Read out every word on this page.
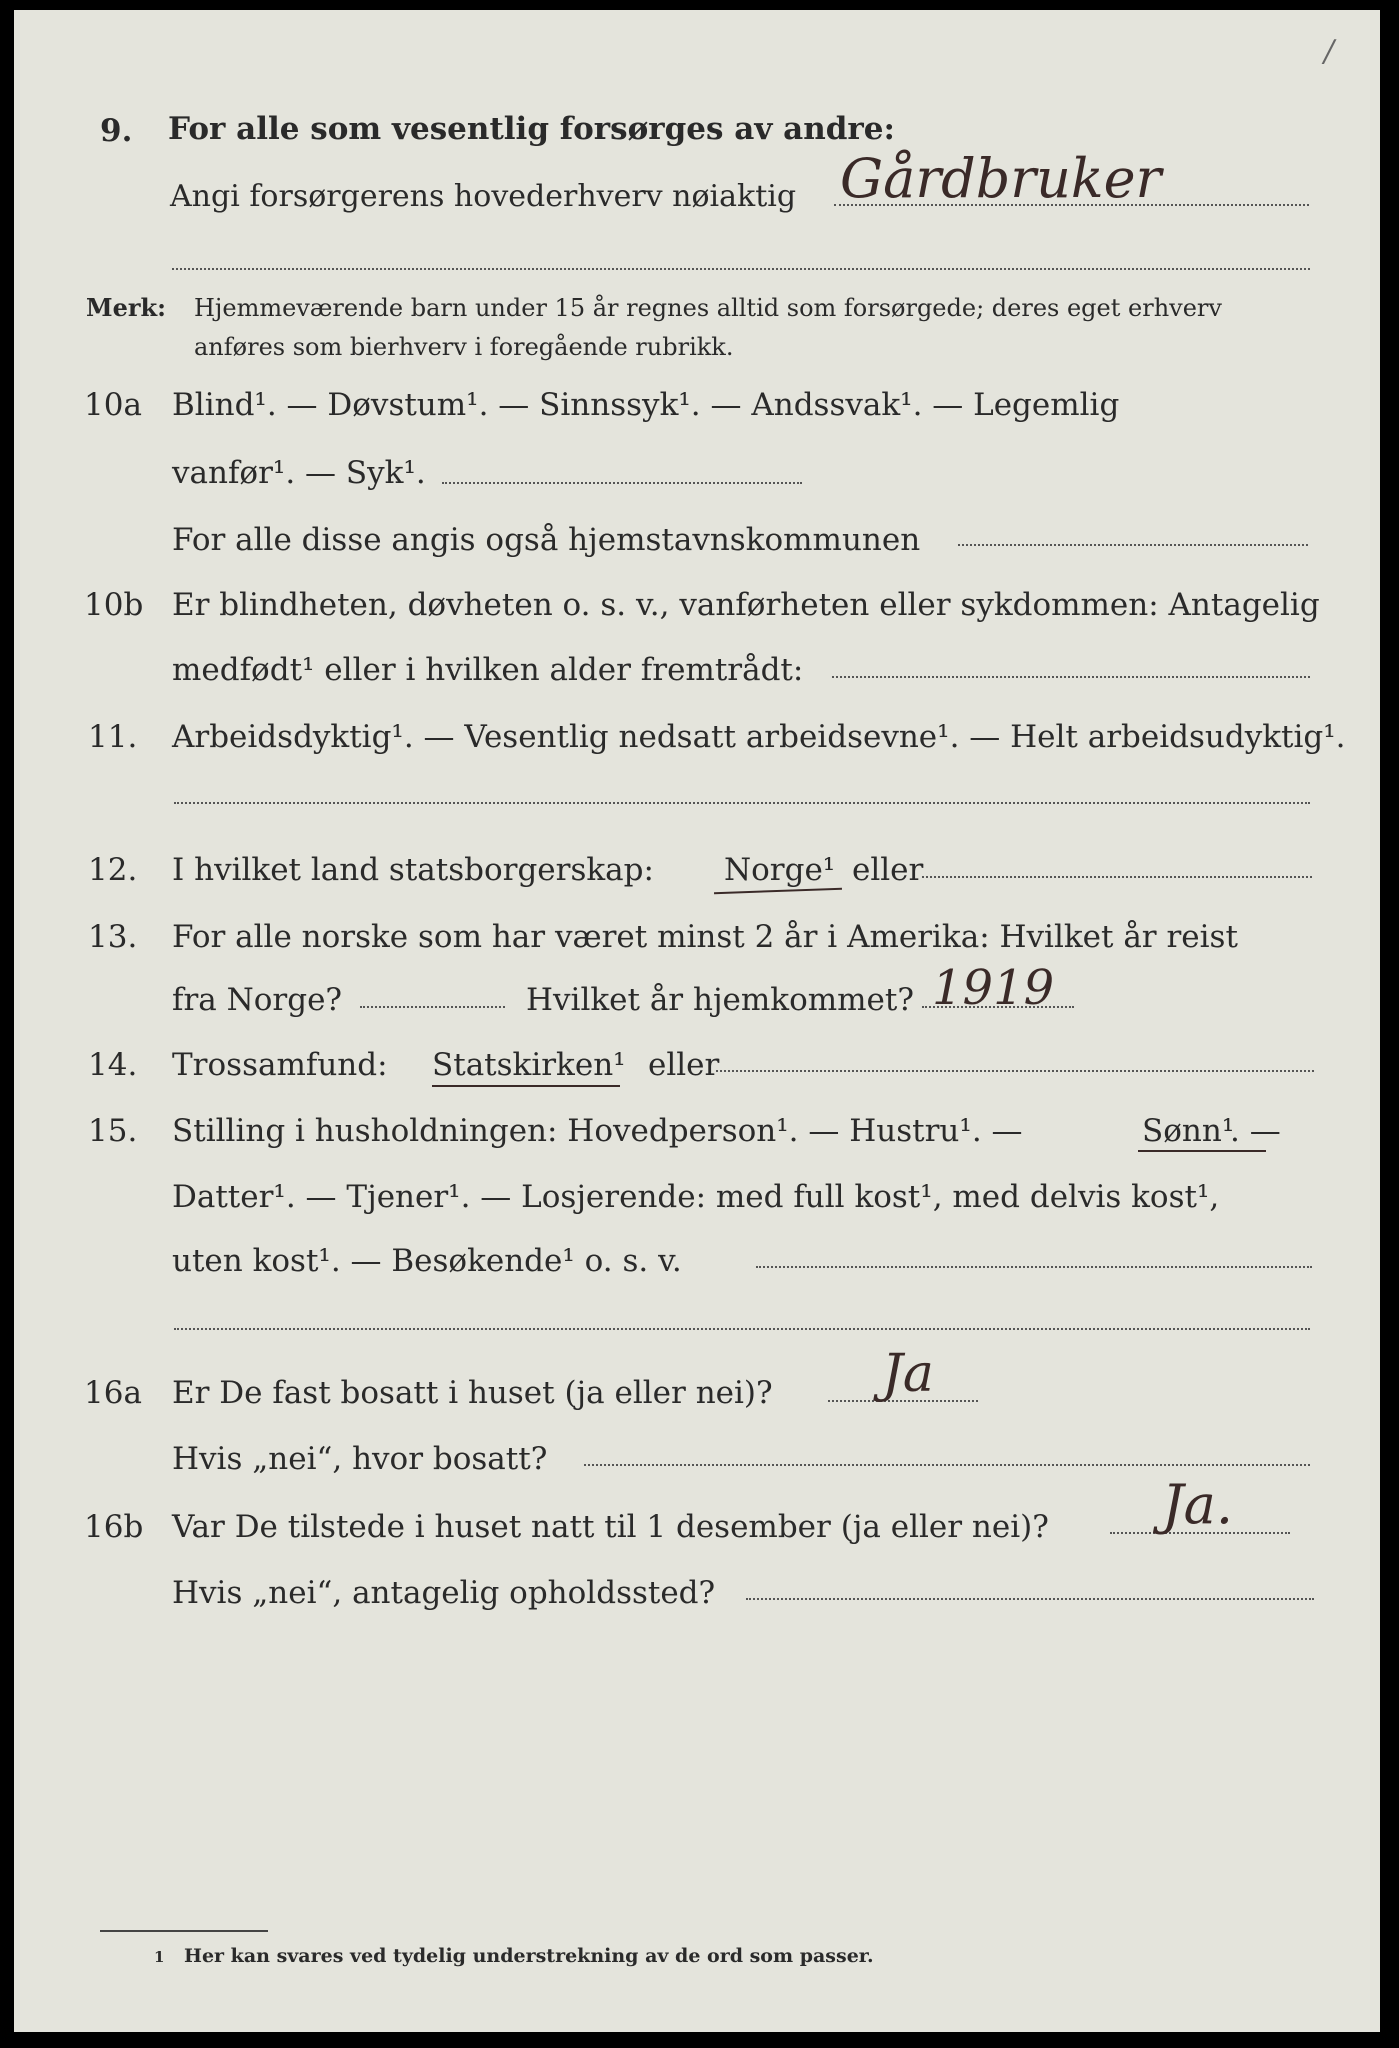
/
9. For alle som vesentlig forsørges av andre:
Angi forsørgerens hovederhverv nøiaktig Gårdbruker
Merk: Hjemmeværende barn under 15 år regnes alltid som forsørgede; deres eget erhverv
anføres som bierhverv i foregående rubrikk.
10a Blind¹. — Døvstum¹. — Sinnssyk¹. — Andssvak¹. — Legemlig
vanfør¹. — Syk¹.
For alle disse angis også hjemstavnskommunen
10b Er blindheten, døvheten o. s. v., vanførheten eller sykdommen: Antagelig
medfødt¹ eller i hvilken alder fremtrådt:
11. Arbeidsdyktig¹. — Vesentlig nedsatt arbeidsevne¹. — Helt arbeidsudyktig¹.
12. I hvilket land statsborgerskap: Norge¹ eller
13. For alle norske som har været minst 2 år i Amerika: Hvilket år reist
fra Norge?	Hvilket år hjemkommet? 1919
14. Trossamfund: Statskirken¹ eller
15. Stilling i husholdningen: Hovedperson¹. — Hustru¹. —	Sønn¹
. —
Datter¹. — Tjener¹. — Losjerende: med full kost¹, med delvis kost¹,
uten kost¹. — Besøkende¹ o. s. v.
16a Er De fast bosatt i huset (ja eller nei)? Ja
Hvis „nei“, hvor bosatt?
16b Var De tilstede i huset natt til 1 desember (ja eller nei)? Ja.
Hvis „nei“, antagelig opholdssted?
1 Her kan svares ved tydelig understrekning av de ord som passer.
